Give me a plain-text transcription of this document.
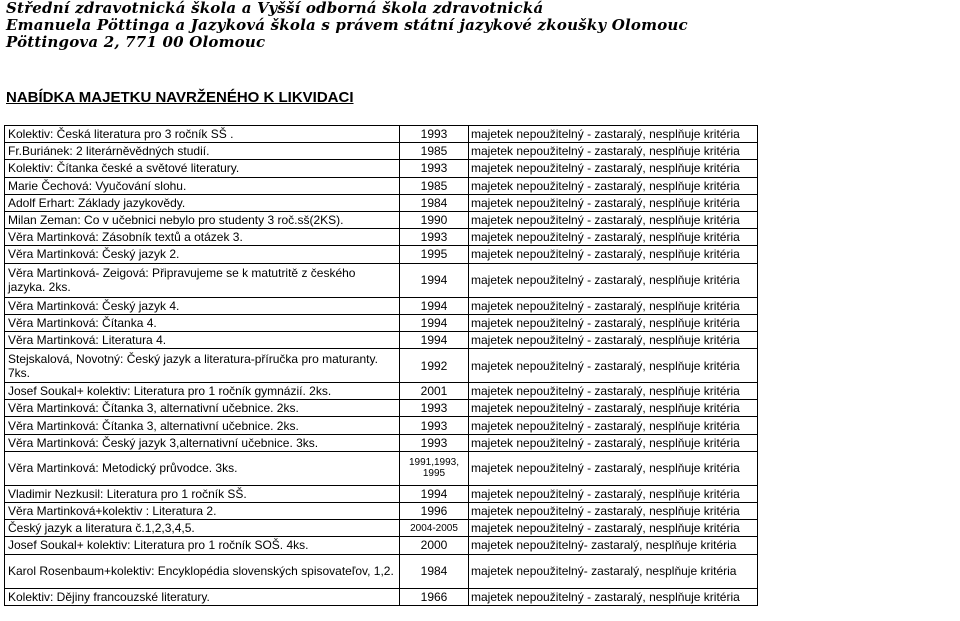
Střední zdravotnická škola a Vyšší odborná škola zdravotnická
Emanuela Pöttinga a Jazyková škola s právem státní jazykové zkoušky Olomouc
Pöttingova 2, 771 00 Olomouc
NABÍDKA MAJETKU NAVRŽENÉHO K LIKVIDACI
Kolektiv: Česká literatura pro 3 ročník SŠ .	1993	majetek nepoužitelný - zastaralý, nesplňuje kritéria
Fr.Buriánek: 2 literárněvědných studií.	1985	majetek nepoužitelný - zastaralý, nesplňuje kritéria
Kolektiv: Čítanka české a světové literatury.	1993	majetek nepoužitelný - zastaralý, nesplňuje kritéria
Marie Čechová: Vyučování slohu.	1985	majetek nepoužitelný - zastaralý, nesplňuje kritéria
Adolf Erhart: Základy jazykovědy.	1984	majetek nepoužitelný - zastaralý, nesplňuje kritéria
Milan Zeman: Co v učebnici nebylo pro studenty 3 roč.sš(2KS).	1990	majetek nepoužitelný - zastaralý, nesplňuje kritéria
Věra Martinková: Zásobník textů a otázek 3.	1993	majetek nepoužitelný - zastaralý, nesplňuje kritéria
Věra Martinková: Český jazyk 2.	1995	majetek nepoužitelný - zastaralý, nesplňuje kritéria
Věra Martinková- Zeigová: Připravujeme se k matutritě z českého jazyka. 2ks.	1994	majetek nepoužitelný - zastaralý, nesplňuje kritéria
Věra Martinková: Český jazyk 4.	1994	majetek nepoužitelný - zastaralý, nesplňuje kritéria
Věra Martinková: Čítanka 4.	1994	majetek nepoužitelný - zastaralý, nesplňuje kritéria
Věra Martinková: Literatura 4.	1994	majetek nepoužitelný - zastaralý, nesplňuje kritéria
Stejskalová, Novotný: Český jazyk a literatura-příručka pro maturanty. 7ks.	1992	majetek nepoužitelný - zastaralý, nesplňuje kritéria
Josef Soukal+ kolektiv: Literatura pro 1 ročník gymnázií. 2ks.	2001	majetek nepoužitelný - zastaralý, nesplňuje kritéria
Věra Martinková: Čítanka 3, alternativní učebnice. 2ks.	1993	majetek nepoužitelný - zastaralý, nesplňuje kritéria
Věra Martinková: Čítanka 3, alternativní učebnice. 2ks.	1993	majetek nepoužitelný - zastaralý, nesplňuje kritéria
Věra Martinková: Český jazyk 3,alternativní učebnice. 3ks.	1993	majetek nepoužitelný - zastaralý, nesplňuje kritéria
Věra Martinková: Metodický průvodce. 3ks.	1991,1993, 1995	majetek nepoužitelný - zastaralý, nesplňuje kritéria
Vladimir Nezkusil: Literatura pro 1 ročník SŠ.	1994	majetek nepoužitelný - zastaralý, nesplňuje kritéria
Věra Martinková+kolektiv : Literatura 2.	1996	majetek nepoužitelný - zastaralý, nesplňuje kritéria
Český jazyk a literatura č.1,2,3,4,5.	2004-2005	majetek nepoužitelný - zastaralý, nesplňuje kritéria
Josef Soukal+ kolektiv: Literatura pro 1 ročník SOŠ. 4ks.	2000	majetek nepoužitelný- zastaralý, nesplňuje kritéria
Karol Rosenbaum+kolektiv: Encyklopédia slovenských spisovateľov, 1,2.	1984	majetek nepoužitelný- zastaralý, nesplňuje kritéria
Kolektiv: Dějiny francouzské literatury.	1966	majetek nepoužitelný - zastaralý, nesplňuje kritéria
